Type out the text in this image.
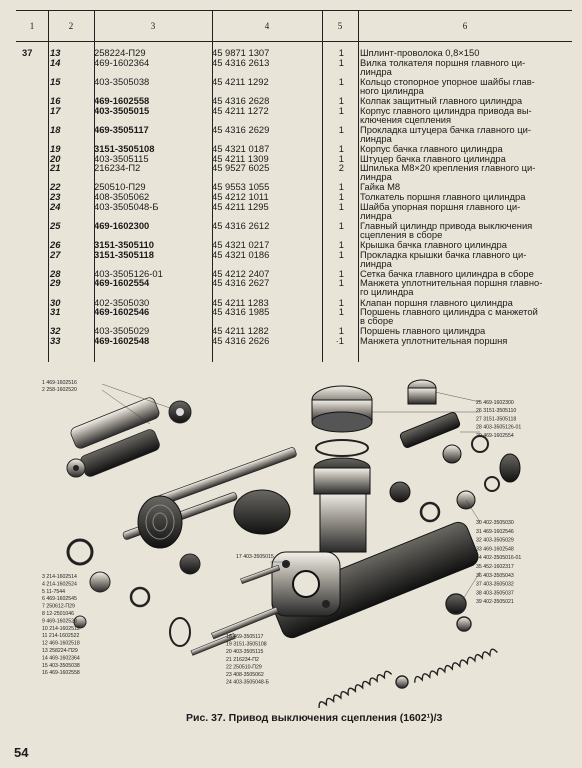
1	2	3	4	5	6
37	13	258224-П29	45 9871 1307	1 Шплинт-проволока 0,8×150
14	469-1602364	45 4316 2613	1 Вилка толкателя поршня главного ци-
линдра
15	403-3505038	45 4211 1292	1 Кольцо стопорное упорное шайбы глав-
ного цилиндра
16	469-1602558	45 4316 2628	1 Колпак защитный главного цилиндра
17	403-3505015	45 4211 1272	1 Корпус главного цилиндра привода вы-
ключения сцепления
18	469-3505117	45 4316 2629	1 Прокладка штуцера бачка главного ци-
линдра
19	3151-3505108	45 4321 0187	1 Корпус бачка главного цилиндра
20	403-3505115	45 4211 1309	1 Штуцер бачка главного цилиндра
21	216234-П2	45 9527 6025	2 Шпилька M8×20 крепления главного ци-
линдра
22	250510-П29	45 9553 1055	1 Гайка M8
23	408-3505062	45 4212 1011	1 Толкатель поршня главного цилиндра
24	403-3505048-Б	45 4211 1295	1 Шайба упорная поршня главного ци-
линдра
25	469-1602300	45 4316 2612	1 Главный цилиндр привода выключения
сцепления в сборе
26	3151-3505110	45 4321 0217	1 Крышка бачка главного цилиндра
27	3151-3505118	45 4321 0186	1 Прокладка крышки бачка главного ци-
линдра
28	403-3505126-01	45 4212 2407	1 Сетка бачка главного цилиндра в сборе
29	469-1602554	45 4316 2627	1 Манжета уплотнительная поршня главно-
го цилиндра
30	402-3505030	45 4211 1283	1 Клапан поршня главного цилиндра
31	469-1602546	45 4316 1985	1 Поршень главного цилиндра с манжетой
в сборе
32	403-3505029	45 4211 1282	1 Поршень главного цилиндра
33	469-1602548	45 4316 2626	·1 Манжета уплотнительная поршня
1 469-1602516
2 258-1602520
3 214-1602514
4 214-1602524
5 11-7544
6 469-1602545
7 250612-П29
8 12-2501046
9 469-1602528
10 214-1602512
11 214-1602522
12 469-1602518
13 258224-П29
14 469-1602364
15 403-3505038
16 469-1602558
18 469-3505117
19 3151-3505108
20 403-3505115
21 216234-П2
22 250510-П29
23 408-3505062
24 403-3505048-Б
25 469-1602300
26 3151-3505110
27 3151-3505118
28 403-3505126-01
29 469-1602554
30 402-3505030
31 469-1602546
32 403-3505029
33 469-1602548
34 402-3505016-01
35 452-1602317
36 403-3505043
37 403-3505032
38 403-3505037
39 402-3505021
17 403-3505015
Рис. 37. Привод выключения сцепления (1602¹)/3
54
